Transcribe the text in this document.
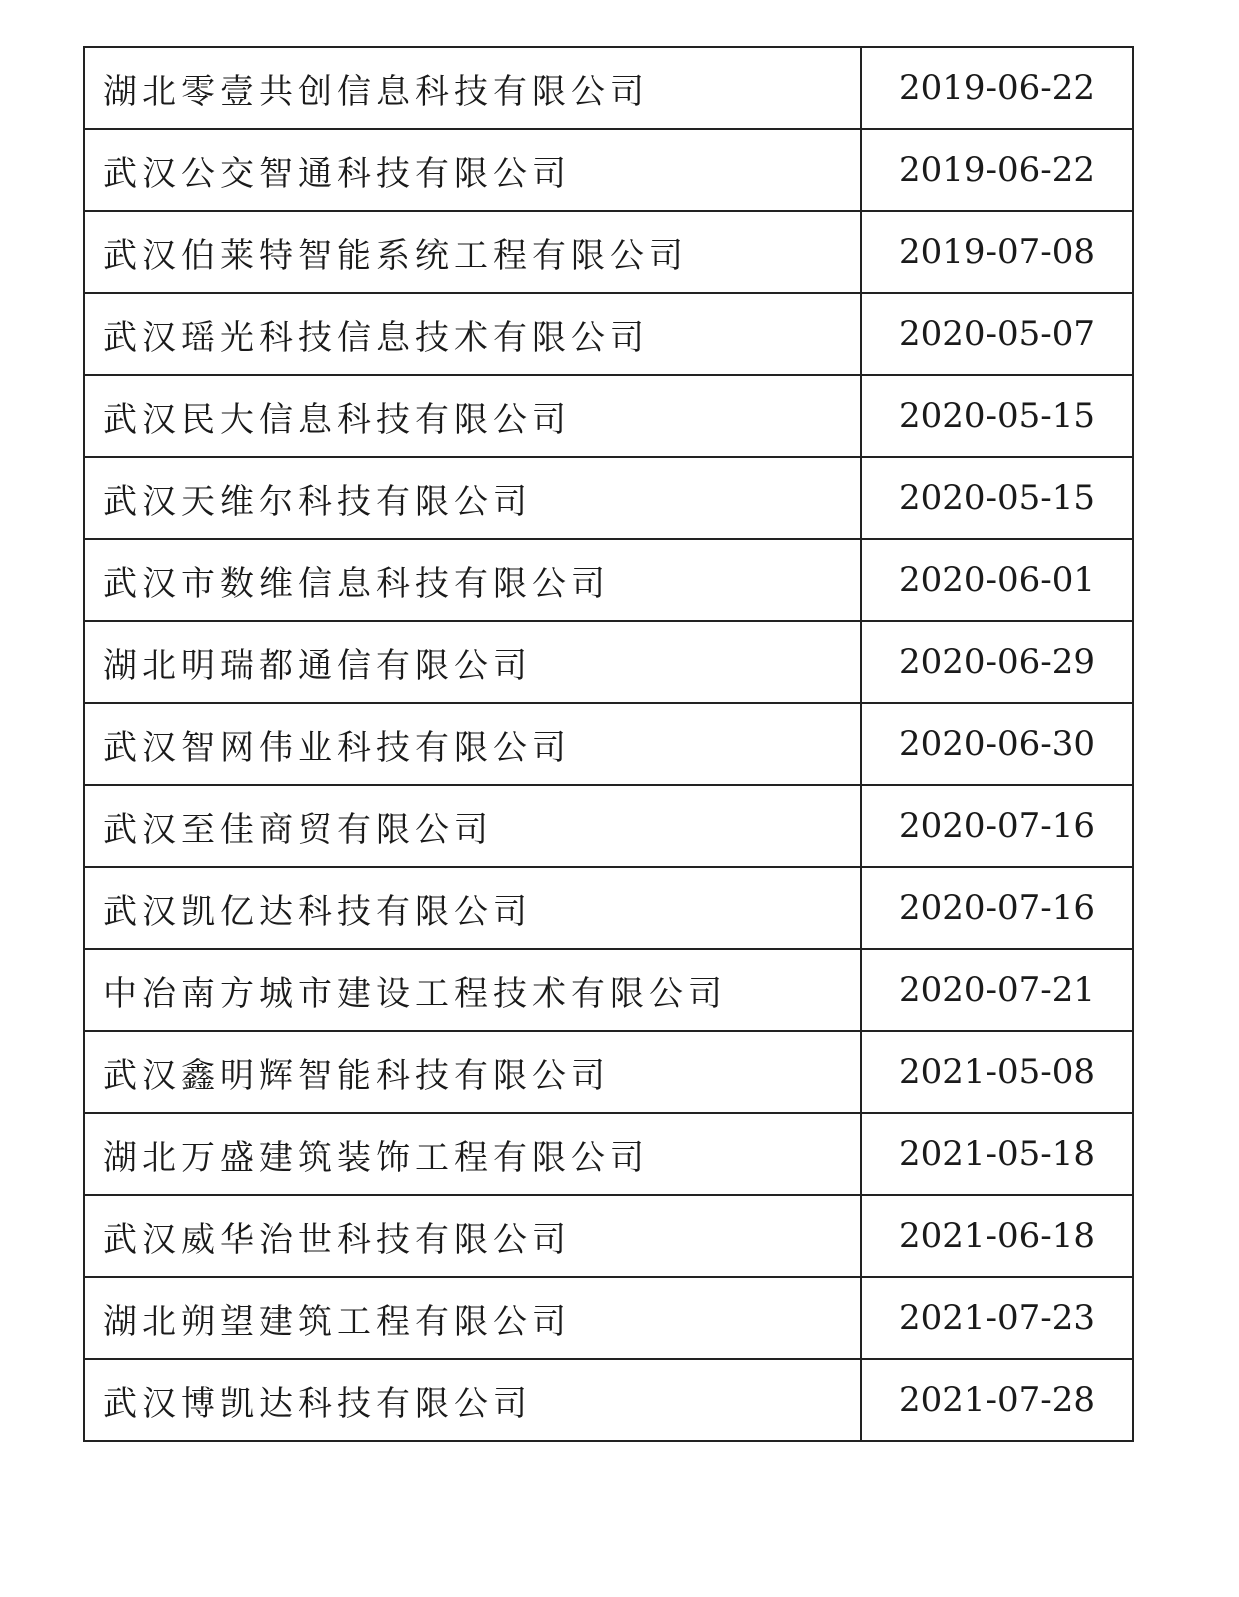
湖北零壹共创信息科技有限公司	2019-06-22
武汉公交智通科技有限公司	2019-06-22
武汉伯莱特智能系统工程有限公司	2019-07-08
武汉瑶光科技信息技术有限公司	2020-05-07
武汉民大信息科技有限公司	2020-05-15
武汉天维尔科技有限公司	2020-05-15
武汉市数维信息科技有限公司	2020-06-01
湖北明瑞都通信有限公司	2020-06-29
武汉智网伟业科技有限公司	2020-06-30
武汉至佳商贸有限公司	2020-07-16
武汉凯亿达科技有限公司	2020-07-16
中冶南方城市建设工程技术有限公司	2020-07-21
武汉鑫明辉智能科技有限公司	2021-05-08
湖北万盛建筑装饰工程有限公司	2021-05-18
武汉威华治世科技有限公司	2021-06-18
湖北朔望建筑工程有限公司	2021-07-23
武汉博凯达科技有限公司	2021-07-28
